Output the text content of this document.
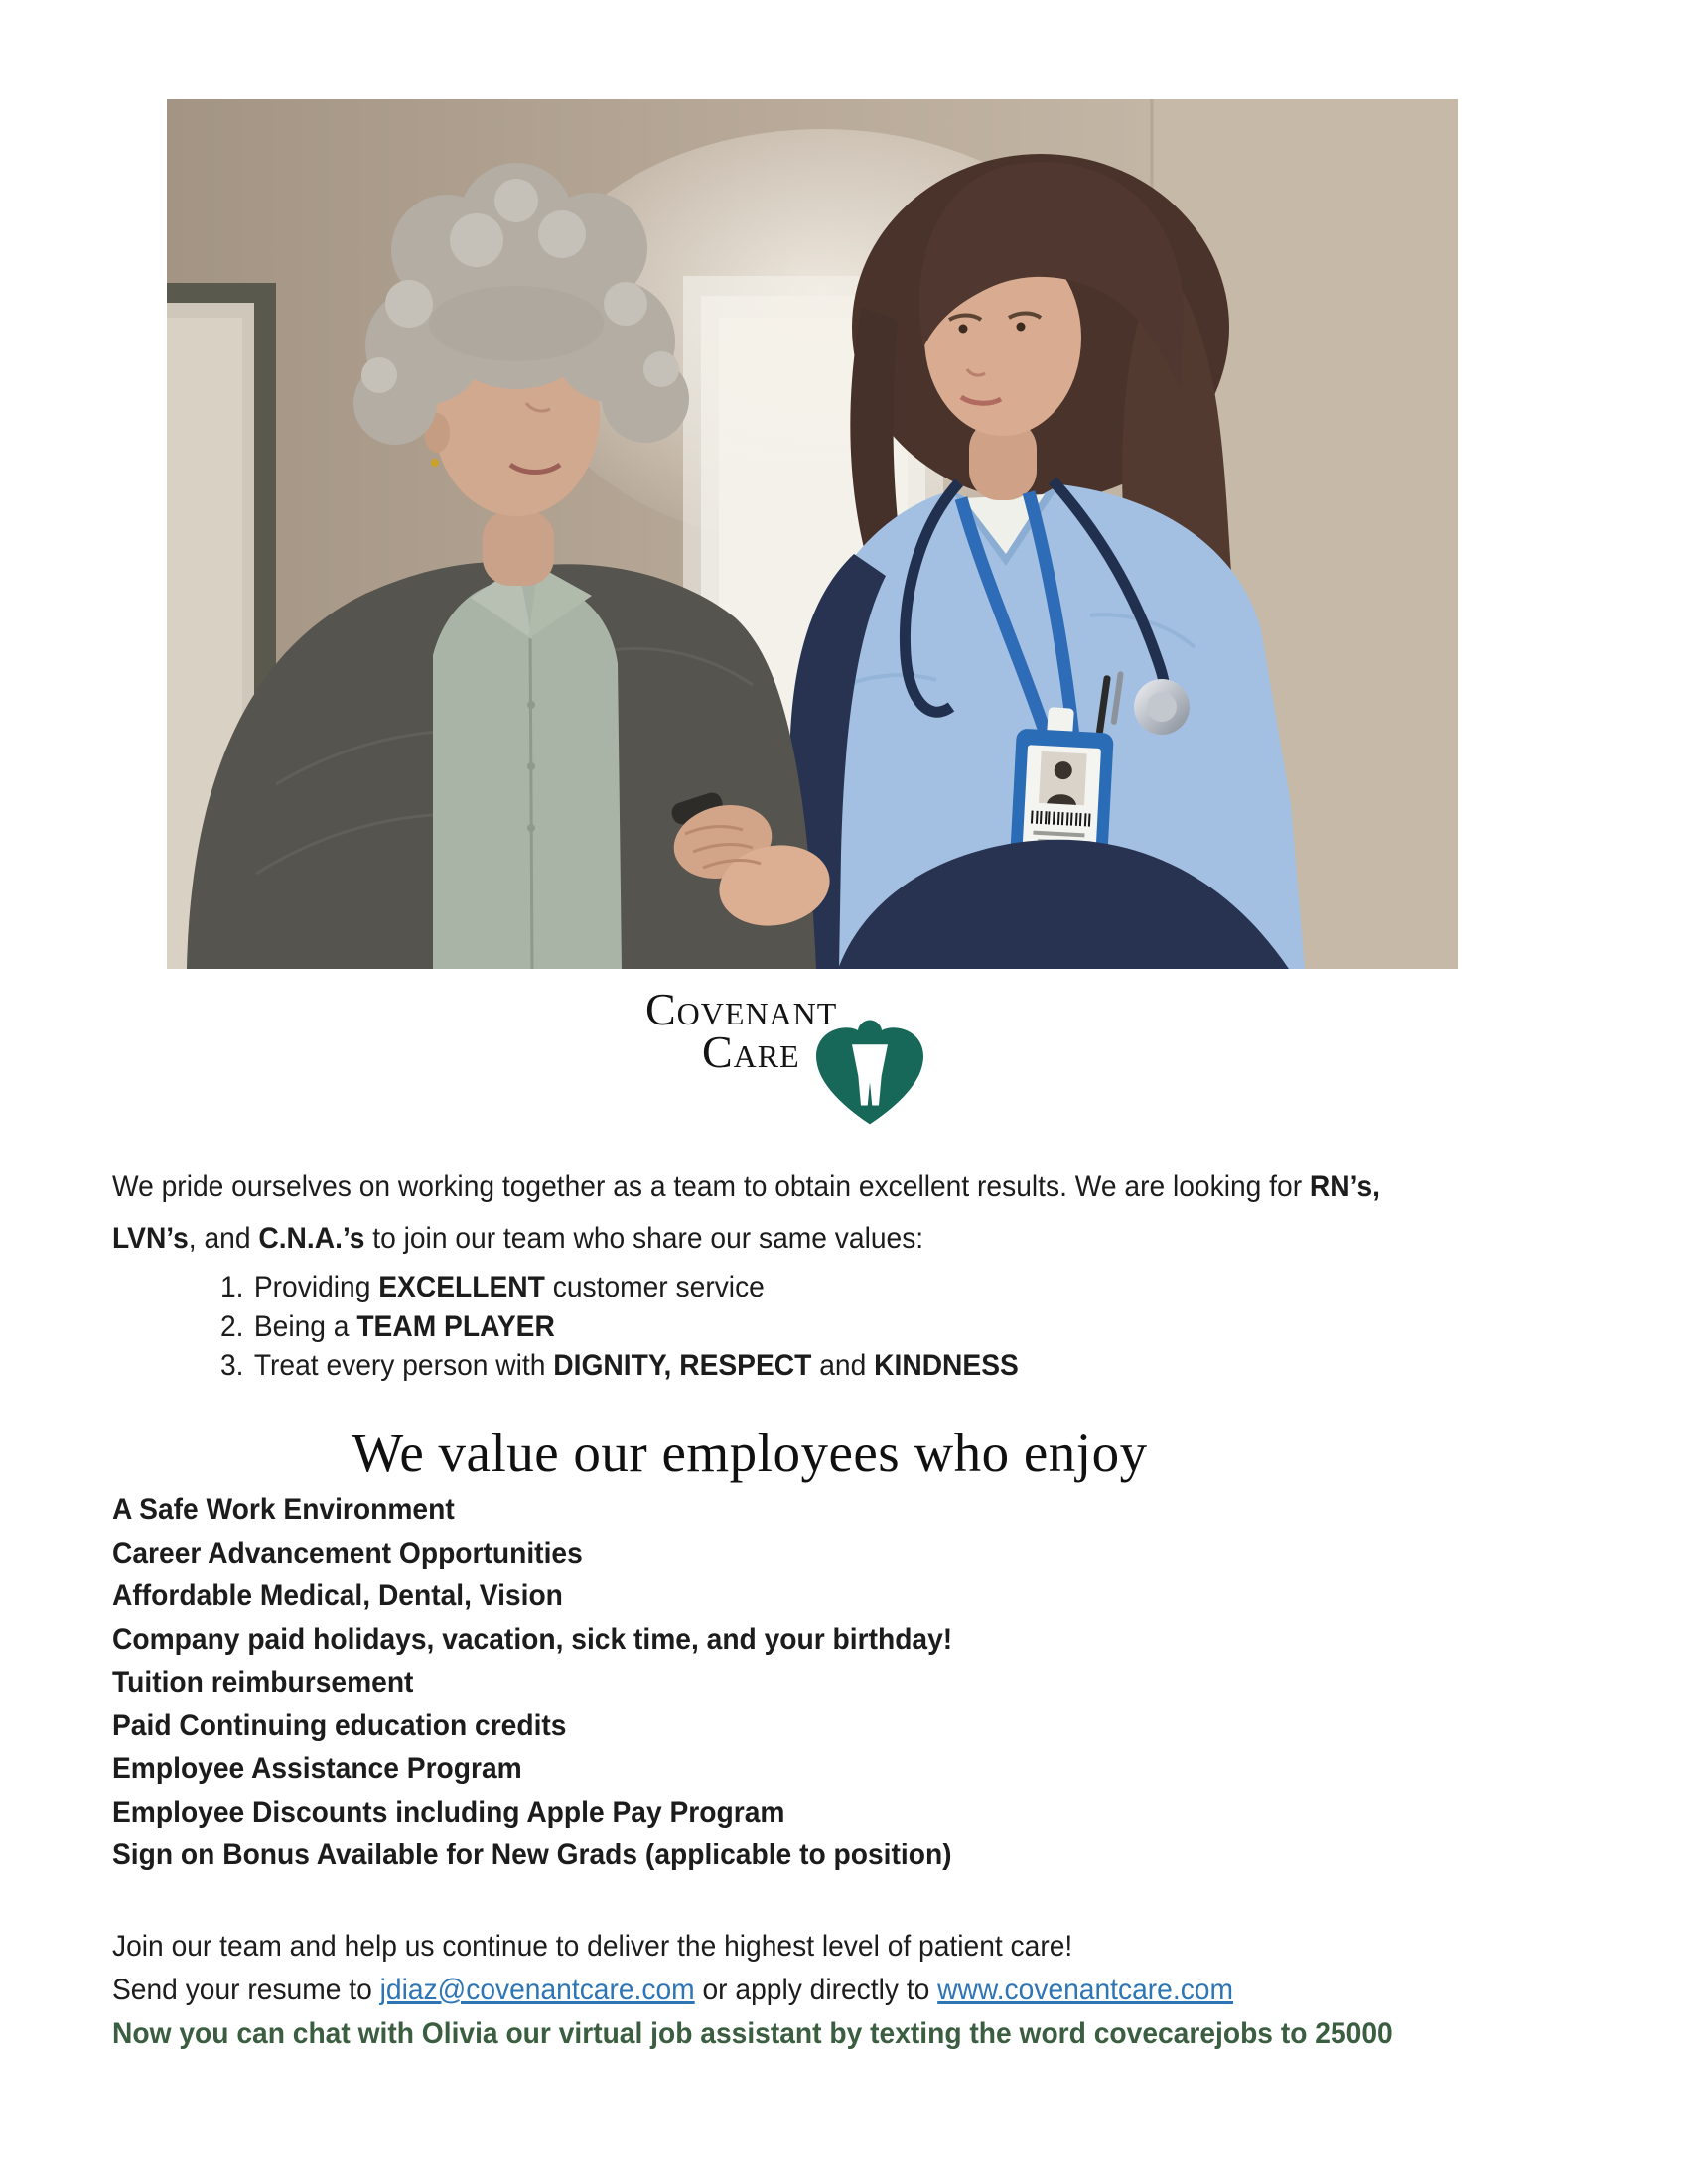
Covenant
Care
We pride ourselves on working together as a team to obtain excellent results. We are looking for RN’s,
LVN’s, and C.N.A.’s to join our team who share our same values:
1. Providing EXCELLENT customer service
2. Being a TEAM PLAYER
3. Treat every person with DIGNITY, RESPECT and KINDNESS
We value our employees who enjoy
A Safe Work Environment
Career Advancement Opportunities
Affordable Medical, Dental, Vision
Company paid holidays, vacation, sick time, and your birthday!
Tuition reimbursement
Paid Continuing education credits
Employee Assistance Program
Employee Discounts including Apple Pay Program
Sign on Bonus Available for New Grads (applicable to position)
Join our team and help us continue to deliver the highest level of patient care!
Send your resume to jdiaz@covenantcare.com or apply directly to www.covenantcare.com
Now you can chat with Olivia our virtual job assistant by texting the word covecarejobs to 25000
